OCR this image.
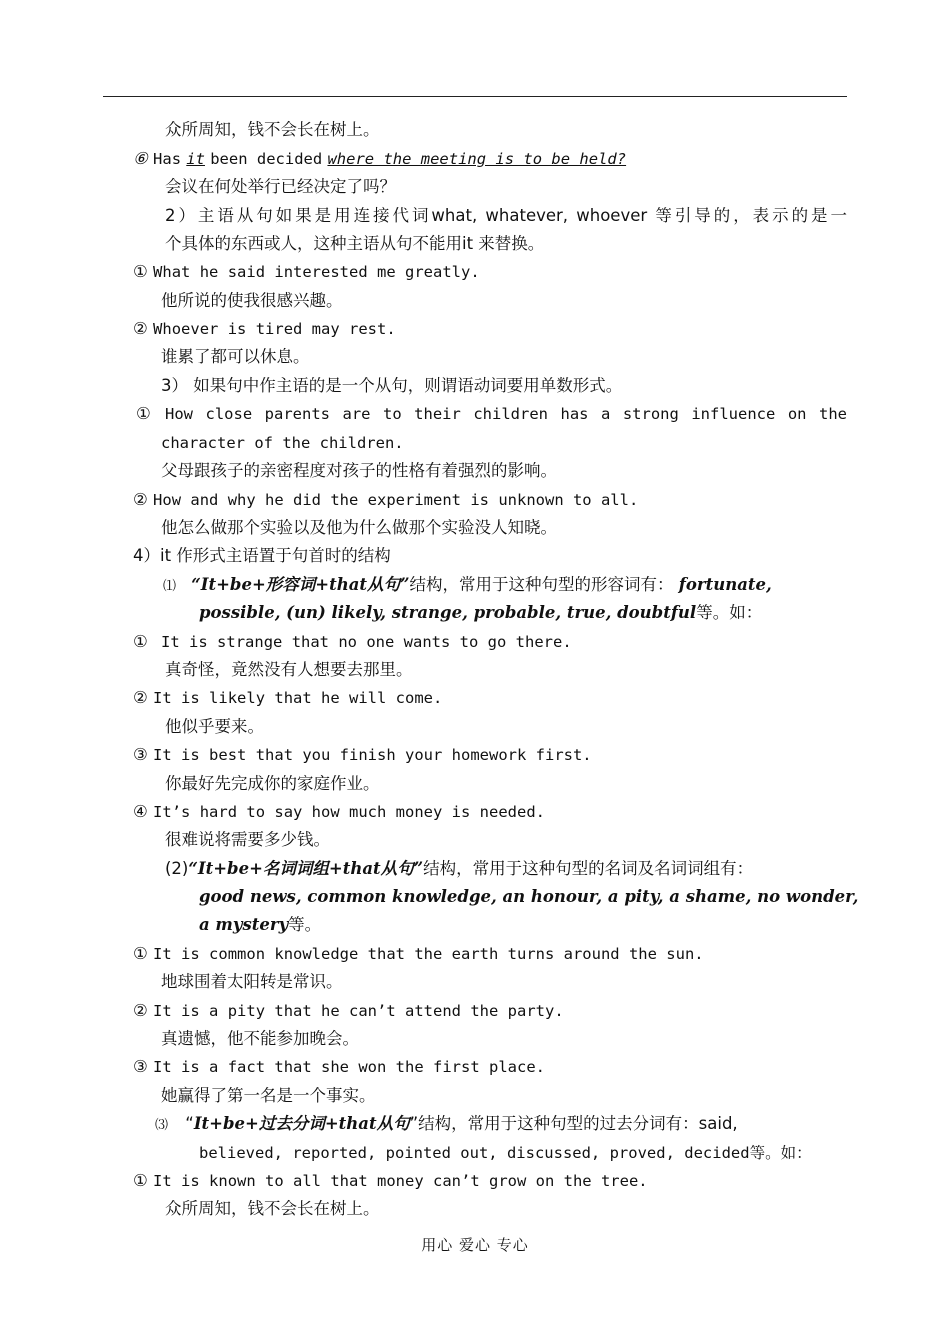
众所周知，钱不会长在树上。
⑥ Has it been decided where the meeting is to be held?
会议在何处举行已经决定了吗？
2）主语从句如果是用连接代词what, whatever, whoever 等引导的，表示的是一
个具体的东西或人，这种主语从句不能用it 来替换。
① What he said interested me greatly.
他所说的使我很感兴趣。
② Whoever is tired may rest.
谁累了都可以休息。
3） 如果句中作主语的是一个从句，则谓语动词要用单数形式。
① How close parents are to their children has a strong influence on the
character of the children.
父母跟孩子的亲密程度对孩子的性格有着强烈的影响。
② How and why he did the experiment is unknown to all.
他怎么做那个实验以及他为什么做那个实验没人知晓。
4）it 作形式主语置于句首时的结构
⑴ “It+be+形容词+that从句”结构，常用于这种句型的形容词有： fortunate,
possible, (un) likely, strange, probable, true, doubtful等。如：
① It is strange that no one wants to go there.
真奇怪，竟然没有人想要去那里。
② It is likely that he will come.
他似乎要来。
③ It is best that you finish your homework first.
你最好先完成你的家庭作业。
④ It’s hard to say how much money is needed.
很难说将需要多少钱。
(2)“It+be+名词词组+that从句”结构，常用于这种句型的名词及名词词组有：
good news, common knowledge, an honour, a pity, a shame, no wonder,
a mystery等。
① It is common knowledge that the earth turns around the sun.
地球围着太阳转是常识。
② It is a pity that he can’t attend the party.
真遗憾，他不能参加晚会。
③ It is a fact that she won the first place.
她赢得了第一名是一个事实。
⑶ “It+be+过去分词+that从句”结构，常用于这种句型的过去分词有：said,
believed, reported, pointed out, discussed, proved, decided等。如：
① It is known to all that money can’t grow on the tree.
众所周知，钱不会长在树上。
用心 爱心 专心
